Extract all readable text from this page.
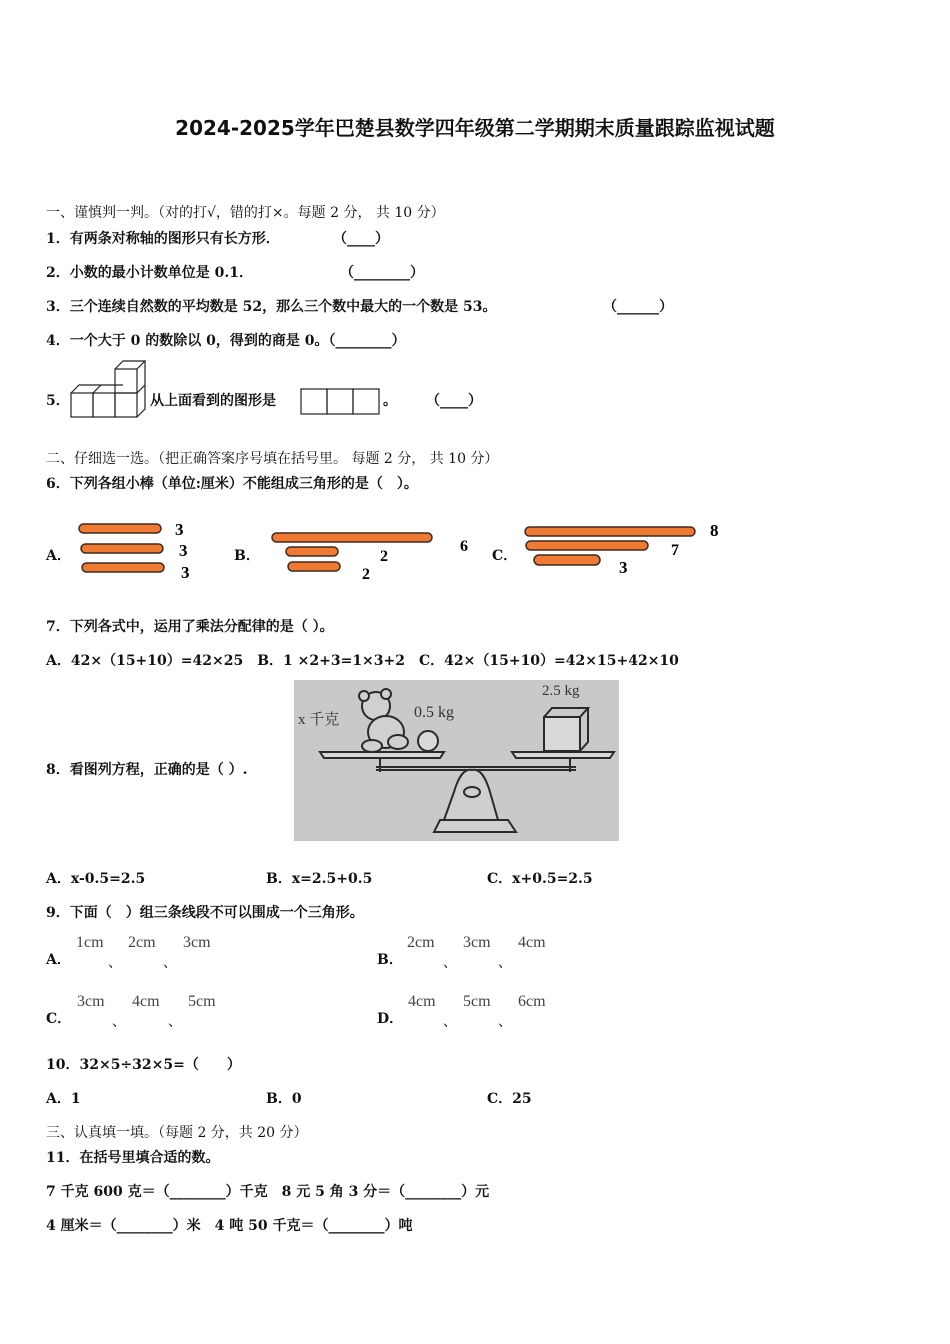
2024-2025学年巴楚县数学四年级第二学期期末质量跟踪监视试题
一、谨慎判一判。（对的打√，错的打×。每题 2 分， 共 10 分）
1．有两条对称轴的图形只有长方形．	（____）
2．小数的最小计数单位是 0.1．	（________）
3．三个连续自然数的平均数是 52，那么三个数中最大的一个数是 53。	（______）
4．一个大于 0 的数除以 0，得到的商是 0。（________）
5．	从上面看到的图形是	。 （____）
二、仔细选一选。（把正确答案序号填在括号里。 每题 2 分， 共 10 分）
6．下列各组小棒（单位:厘米）不能组成三角形的是（　）。
A．
3
3
3
B．
6
2
2
C．
8
7
3
7．下列各式中，运用了乘法分配律的是（ ）。
A．42×（15+10）=42×25　B．1 ×2+3=1×3+2　C．42×（15+10）=42×15+42×10
8．看图列方程，正确的是（ ）.
x 千克	0.5 kg
2.5 kg
A．x-0.5=2.5	B．x=2.5+0.5	C．x+0.5=2.5
9．下面（　）组三条线段不可以围成一个三角形。
A．
1cm
、
2cm
、
3cm
B．
2cm
、
3cm
、
4cm
C．
3cm
、
4cm
、
5cm
D．
4cm
、
5cm
、
6cm
10．32×5÷32×5=（　　）
A．1	B．0	C．25
三、认真填一填。（每题 2 分，共 20 分）
11．在括号里填合适的数。
7 千克 600 克＝（________）千克　8 元 5 角 3 分＝（________）元
4 厘米＝（________）米　4 吨 50 千克＝（________）吨
